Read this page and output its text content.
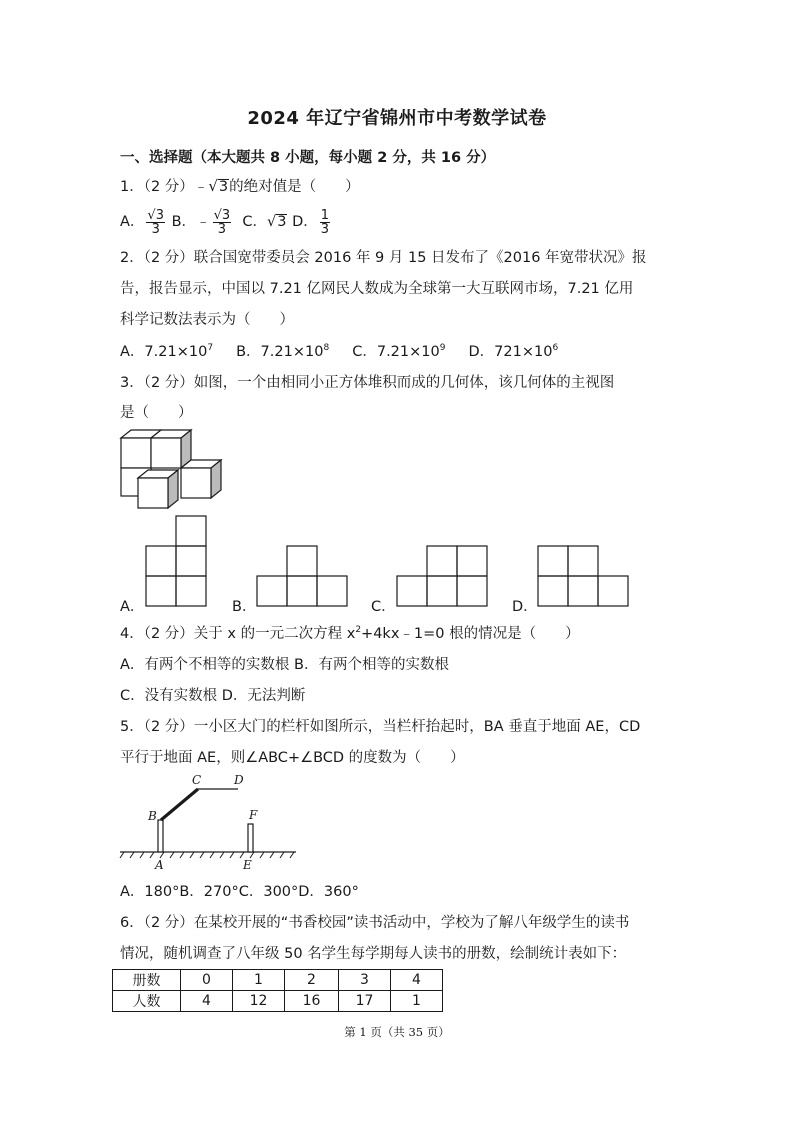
2024 年辽宁省锦州市中考数学试卷
一、选择题（本大题共 8 小题，每小题 2 分，共 16 分）
1．（2 分）﹣√3的绝对值是（　　）
A． $\frac{√3}{3}$ B．﹣ $\frac{√3}{3}$ C．√3 D． $\frac{1}{3}$
2．（2 分）联合国宽带委员会 2016 年 9 月 15 日发布了《2016 年宽带状况》报
告，报告显示，中国以 7.21 亿网民人数成为全球第一大互联网市场，7.21 亿用
科学记数法表示为（　　）
A．$7.21\times 10^7$ B．$7.21\times 10^8$ C．$7.21\times 10^9$ D．$721\times 10^6$
3．（2 分）如图，一个由相同小正方体堆积而成的几何体，该几何体的主视图
是（　　）
A．	B．	C．	D．
4．（2 分）关于 x 的一元二次方程 $x^2+4kx﹣1=0$ 根的情况是（　　）
A．有两个不相等的实数根 B．有两个相等的实数根
C．没有实数根 D．无法判断
5．（2 分）一小区大门的栏杆如图所示，当栏杆抬起时，BA 垂直于地面 AE，CD
平行于地面 AE，则∠ABC+∠BCD 的度数为（　　）
B
C	D
F
A	E
A．180°B．270°C．300°D．360°
6．（2 分）在某校开展的“书香校园”读书活动中，学校为了解八年级学生的读书
情况，随机调查了八年级 50 名学生每学期每人读书的册数，绘制统计表如下：
册数	0	1	2	3	4
人数	4	12	16	17	1
第 1 页（共 35 页）
